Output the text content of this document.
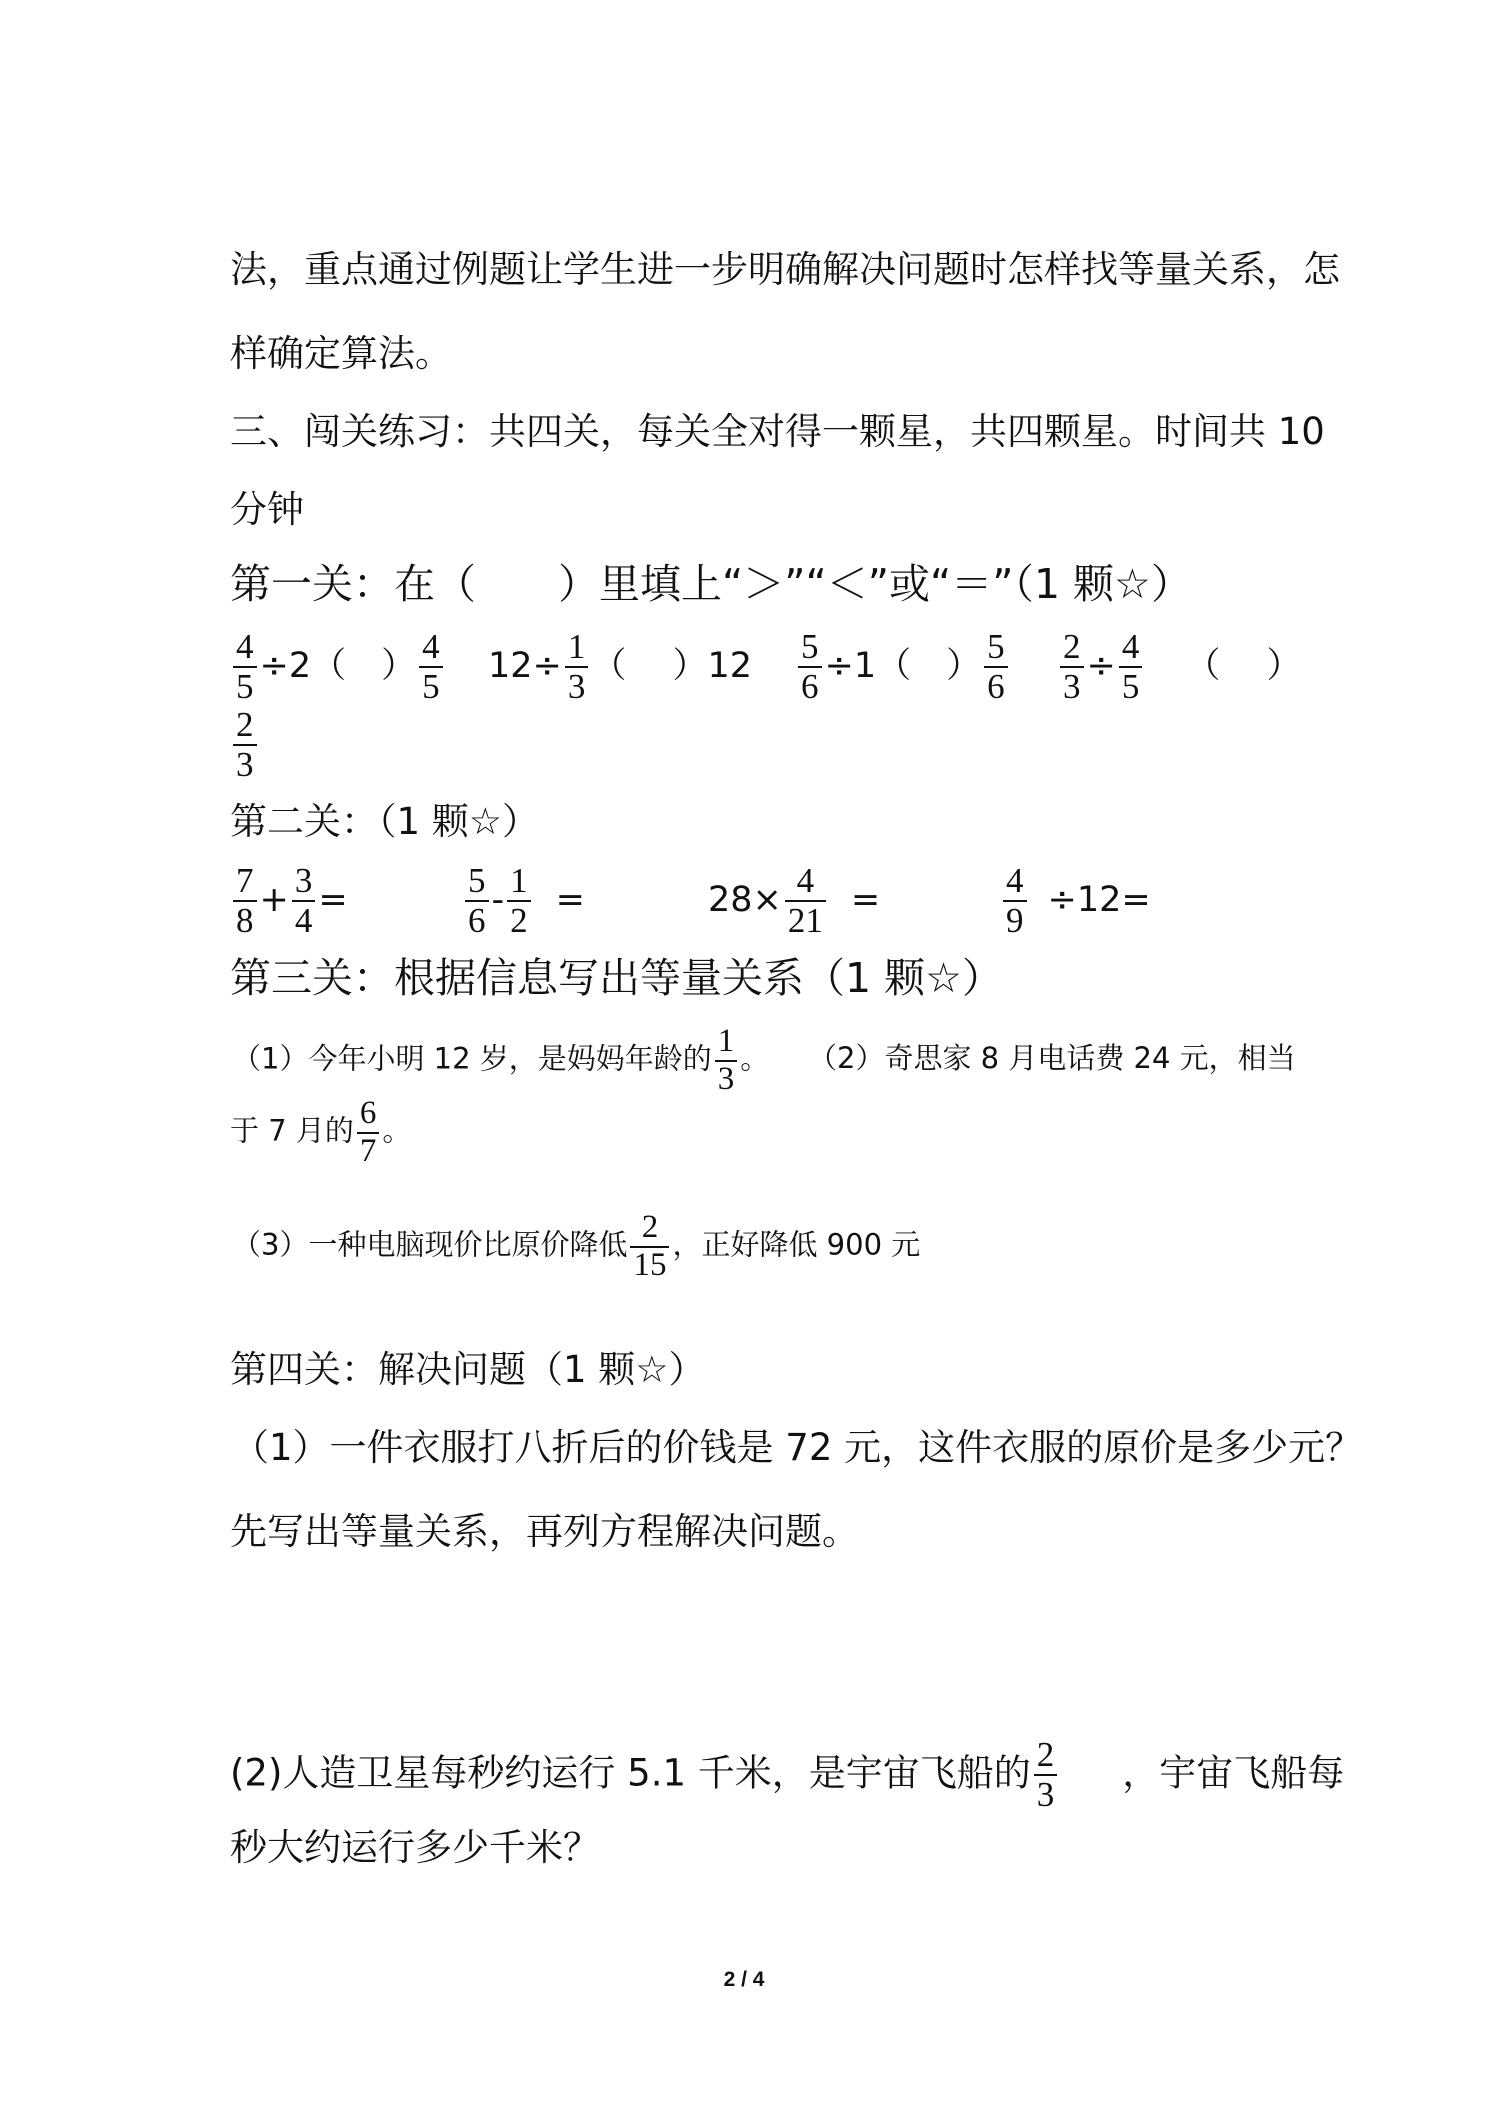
法，重点通过例题让学生进一步明确解决问题时怎样找等量关系，怎
样确定算法。
三、闯关练习：共四关，每关全对得一颗星，共四颗星。时间共 10
分钟
第一关：在（　　）里填上“＞”“＜”或“＝”（1 颗☆）
$\frac{4}{5} \div 2$（　） $\frac{4}{5} 12\div \frac{1}{3}$ （　 ）$12 \frac{5}{6} \div 1$（　） $\frac{5}{6} \frac{2}{3} \div \frac{4}{5}$ （　 ）
$\frac{2}{3}$
第二关：（1 颗☆）
$\frac{7}{8} + \frac{3}{4}$ =	$\frac{5}{6} - \frac{1}{2}$ =	$28\times \frac{4}{21}$ =	$\frac{4}{9} \div 12=$
第三关：根据信息写出等量关系（1 颗☆）
（1）今年小明 12 岁，是妈妈年龄的 $\frac{1}{3}$ 。 （2）奇思家 8 月电话费 24 元，相当
于 7 月的 $\frac{6}{7}$ 。
（3）一种电脑现价比原价降低 $\frac{2}{15}$ ，正好降低 900 元
第四关：解决问题（1 颗☆）
（1）一件衣服打八折后的价钱是 72 元，这件衣服的原价是多少元？
先写出等量关系，再列方程解决问题。
(2)人造卫星每秒约运行 5.1 千米，是宇宙飞船的 $\frac{2}{3}$ ，宇宙飞船每
秒大约运行多少千米？
2 / 4
